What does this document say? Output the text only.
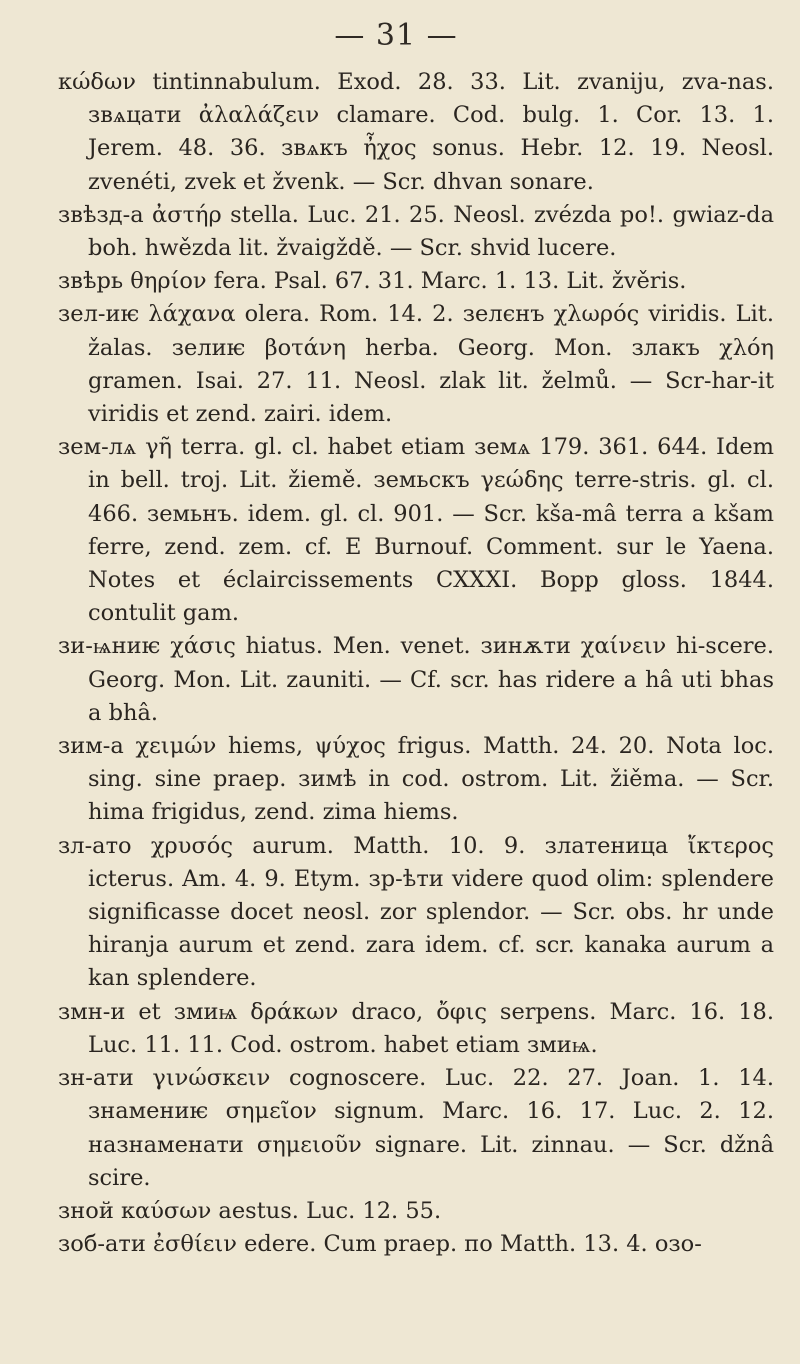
— 31 —

κώδων tintinnabulum. Exod. 28. 33. Lit. zvaniju, zva-nas. звѧцати ἀλαλάζειν clamare. Cod. bulg. 1. Cor. 13. 1. Jerem. 48. 36. звѧкъ ἦχος sonus. Hebr. 12. 19. Neosl. zvenéti, zvek et žvenk. — Scr. dhvan sonare.

звѣзд-а ἀστήρ stella. Luc. 21. 25. Neosl. zvézda po!. gwiaz-da boh. hwězda lit. žvaigždě. — Scr. shvid lucere.

звѣрь θηρίον fera. Psal. 67. 31. Marc. 1. 13. Lit. žvěris.

зел-иѥ λάχανα olera. Rom. 14. 2. зелєнъ χλωρός viridis. Lit. žalas. зелиѥ βοτάνη herba. Georg. Mon. злакъ χλόη gramen. Isai. 27. 11. Neosl. zlak lit. želmů. — Scr-har-it viridis et zend. zairi. idem.

зем-лѧ γῆ terra. gl. cl. habet etiam земѧ 179. 361. 644. Idem in bell. troj. Lit. žiemě. земьскъ γεώδης terre-stris. gl. cl. 466. земьнъ. idem. gl. cl. 901. — Scr. kša-mâ terra a kšam ferre, zend. zem. cf. E Burnouf. Comment. sur le Yaena. Notes et éclaircissements CXXXI. Bopp gloss. 1844. contulit gam.

зи-ѩниѥ χάσις hiatus. Men. venet. зинѫти χαίνειν hi-scere. Georg. Mon. Lit. zauniti. — Cf. scr. has ridere a hâ uti bhas a bhâ.

зим-а χειμών hiems, ψύχος frigus. Matth. 24. 20. Nota loc. sing. sine praep. зимѣ in cod. ostrom. Lit. žiěma. — Scr. hima frigidus, zend. zima hiems.

зл-ато χρυσός aurum. Matth. 10. 9. златеница ἴκτερος icterus. Am. 4. 9. Etym. зр-ѣти videre quod olim: splendere significasse docet neosl. zor splendor. — Scr. obs. hr unde hiranja aurum et zend. zara idem. cf. scr. kanaka aurum a kan splendere.

змн-и et змиѩ δράκων draco, ὄφις serpens. Marc. 16. 18. Luc. 11. 11. Cod. ostrom. habet etiam змиѩ.

зн-ати γινώσκειν cognoscere. Luc. 22. 27. Joan. 1. 14. знамениѥ σημεῖον signum. Marc. 16. 17. Luc. 2. 12. назнаменати σημειοῦν signare. Lit. zinnau. — Scr. džnâ scire.

зной καύσων aestus. Luc. 12. 55.

зоб-ати ἐσθίειν edere. Cum praep. по Matth. 13. 4. озо-
